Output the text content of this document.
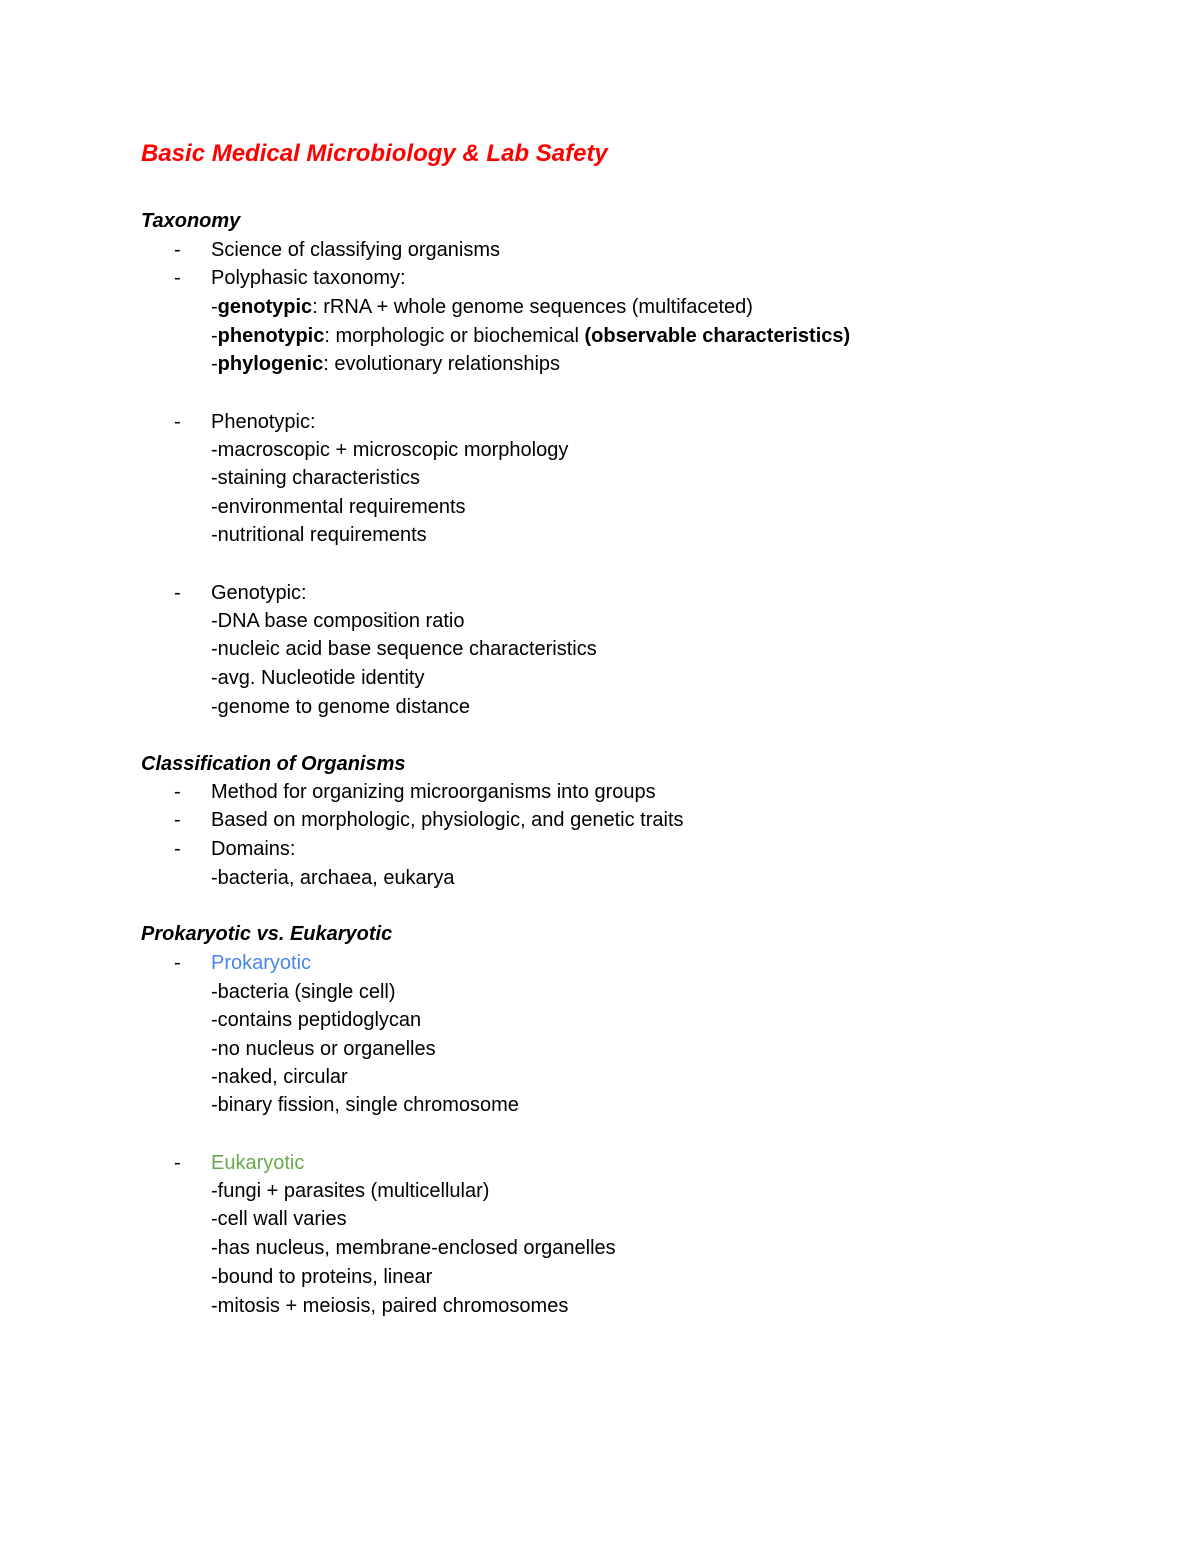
Basic Medical Microbiology & Lab Safety
Taxonomy
- Science of classifying organisms
- Polyphasic taxonomy:
-genotypic: rRNA + whole genome sequences (multifaceted)
-phenotypic: morphologic or biochemical (observable characteristics)
-phylogenic: evolutionary relationships
- Phenotypic:
-macroscopic + microscopic morphology
-staining characteristics
-environmental requirements
-nutritional requirements
- Genotypic:
-DNA base composition ratio
-nucleic acid base sequence characteristics
-avg. Nucleotide identity
-genome to genome distance
Classification of Organisms
- Method for organizing microorganisms into groups
- Based on morphologic, physiologic, and genetic traits
- Domains:
-bacteria, archaea, eukarya
Prokaryotic vs. Eukaryotic
- Prokaryotic
-bacteria (single cell)
-contains peptidoglycan
-no nucleus or organelles
-naked, circular
-binary fission, single chromosome
- Eukaryotic
-fungi + parasites (multicellular)
-cell wall varies
-has nucleus, membrane-enclosed organelles
-bound to proteins, linear
-mitosis + meiosis, paired chromosomes
